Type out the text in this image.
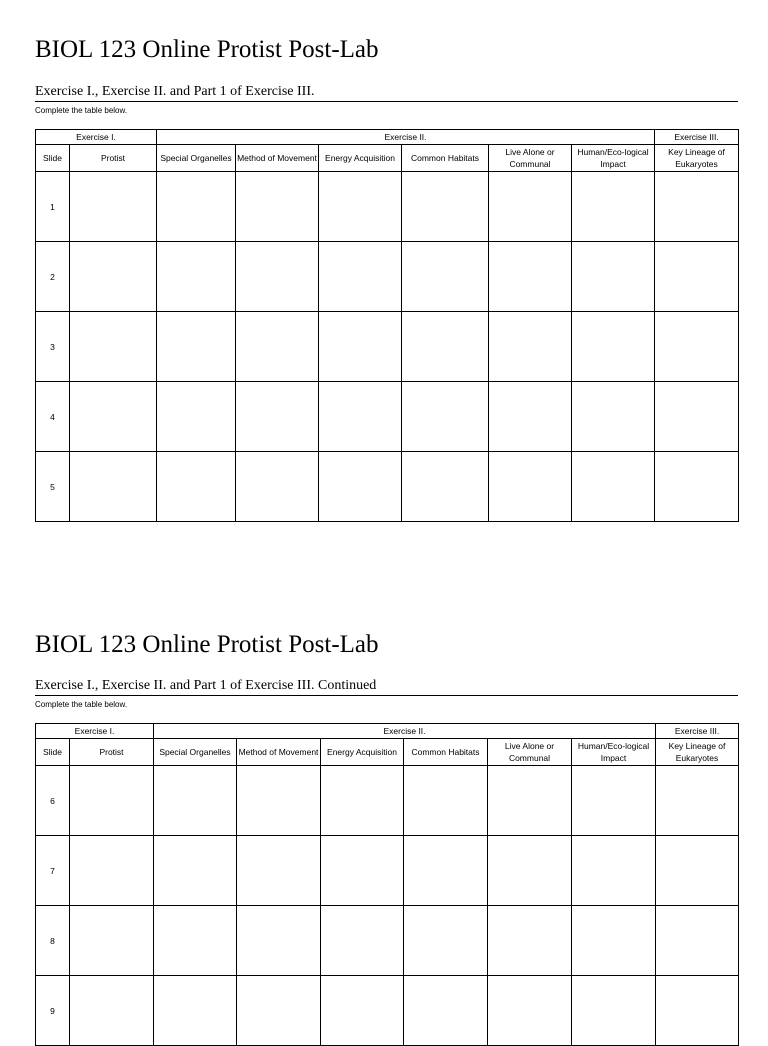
BIOL 123 Online Protist Post-Lab
Exercise I., Exercise II. and Part 1 of Exercise III.
Complete the table below.
Exercise I.		Exercise II.						Exercise III.
Slide	Protist	Special Organelles	Method of Movement	Energy Acquisition	Common Habitats	Live Alone or Communal	Human/Eco-logical Impact	Key Lineage of Eukaryotes
1								
2								
3								
4								
5								
BIOL 123 Online Protist Post-Lab
Exercise I., Exercise II. and Part 1 of Exercise III. Continued
Complete the table below.
Exercise I.		Exercise II.						Exercise III.
Slide	Protist	Special Organelles	Method of Movement	Energy Acquisition	Common Habitats	Live Alone or Communal	Human/Eco-logical Impact	Key Lineage of Eukaryotes
6								
7								
8								
9								
